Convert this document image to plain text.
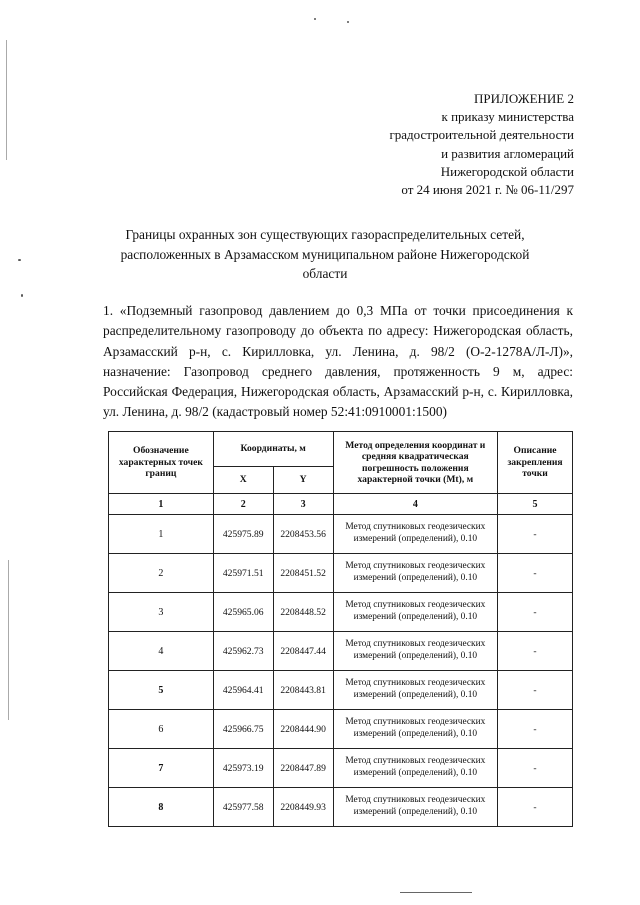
ПРИЛОЖЕНИЕ 2
к приказу министерства
градостроительной деятельности
и развития агломераций
Нижегородской области
от 24 июня 2021 г. № 06-11/297
Границы охранных зон существующих газораспределительных сетей,
расположенных в Арзамасском муниципальном районе Нижегородской
области
1. «Подземный газопровод давлением до 0,3 МПа от точки присоединения к распределительному газопроводу до объекта по адресу: Нижегородская область, Арзамасский р-н, с. Кирилловка, ул. Ленина, д. 98/2 (О-2-1278А/Л-Л)», назначение: Газопровод среднего давления, протяженность 9 м, адрес: Российская Федерация, Нижегородская область, Арзамасский р-н, с. Кирилловка, ул. Ленина, д. 98/2 (кадастровый номер 52:41:0910001:1500)
Обозначение характерных точек границ	Координаты, м		Метод определения координат и средняя квадратическая погрешность положения характерной точки (Mt), м	Описание закрепления точки
	X	Y		
1	2	3	4	5
1	425975.89	2208453.56	Метод спутниковых геодезических измерений (определений), 0.10	-
2	425971.51	2208451.52	Метод спутниковых геодезических измерений (определений), 0.10	-
3	425965.06	2208448.52	Метод спутниковых геодезических измерений (определений), 0.10	-
4	425962.73	2208447.44	Метод спутниковых геодезических измерений (определений), 0.10	-
5	425964.41	2208443.81	Метод спутниковых геодезических измерений (определений), 0.10	-
6	425966.75	2208444.90	Метод спутниковых геодезических измерений (определений), 0.10	-
7	425973.19	2208447.89	Метод спутниковых геодезических измерений (определений), 0.10	-
8	425977.58	2208449.93	Метод спутниковых геодезических измерений (определений), 0.10	-
